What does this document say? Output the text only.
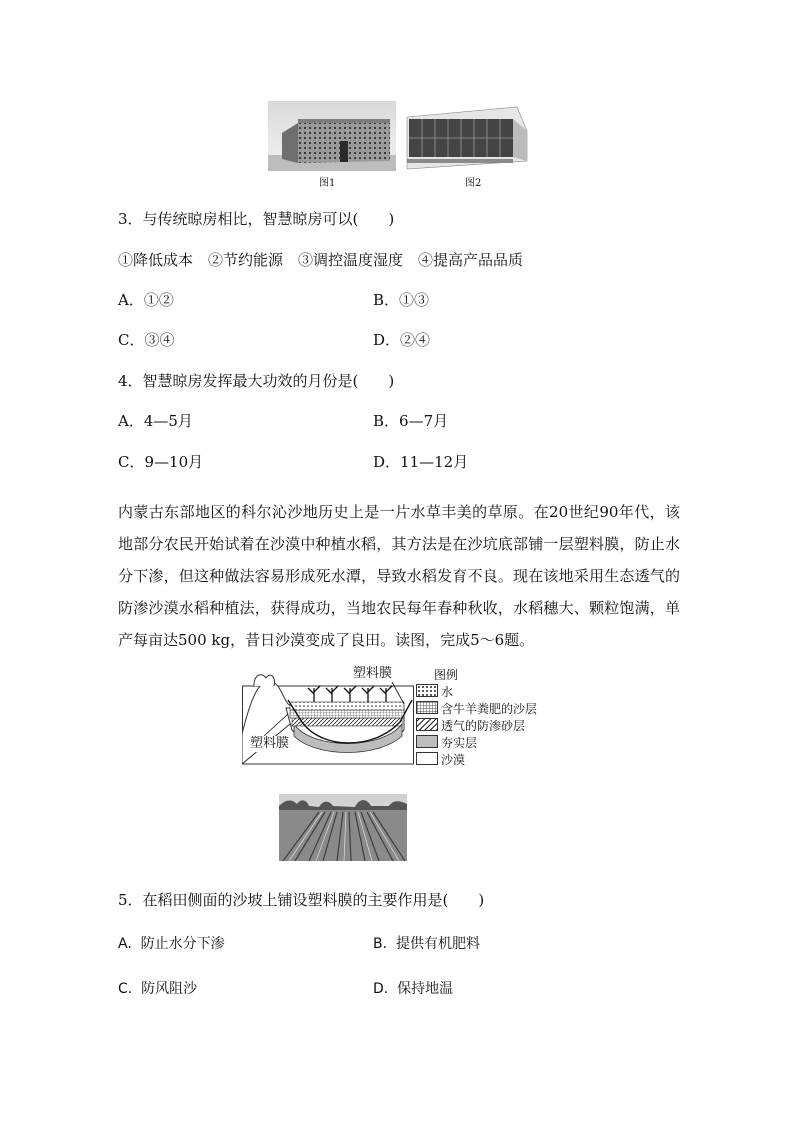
图1	图2
3．与传统晾房相比，智慧晾房可以(　　)
①降低成本　②节约能源　③调控温度湿度　④提高产品品质
A．①②	B．①③
C．③④	D．②④
4．智慧晾房发挥最大功效的月份是(　　)
A．4—5月	B．6—7月
C．9—10月	D．11—12月
内蒙古东部地区的科尔沁沙地历史上是一片水草丰美的草原。在20世纪90年代，该地部分农民开始试着在沙漠中种植水稻，其方法是在沙坑底部铺一层塑料膜，防止水分下渗，但这种做法容易形成死水潭，导致水稻发育不良。现在该地采用生态透气的防渗沙漠水稻种植法，获得成功，当地农民每年春种秋收，水稻穗大、颗粒饱满，单产每亩达500 kg，昔日沙漠变成了良田。读图，完成5～6题。
塑料膜
塑料膜
图例
水
含牛羊粪肥的沙层
透气的防渗砂层
夯实层
沙漠
5．在稻田侧面的沙坡上铺设塑料膜的主要作用是(　　)
A.  防止水分下渗	B.  提供有机肥料
C.  防风阻沙	D.  保持地温
